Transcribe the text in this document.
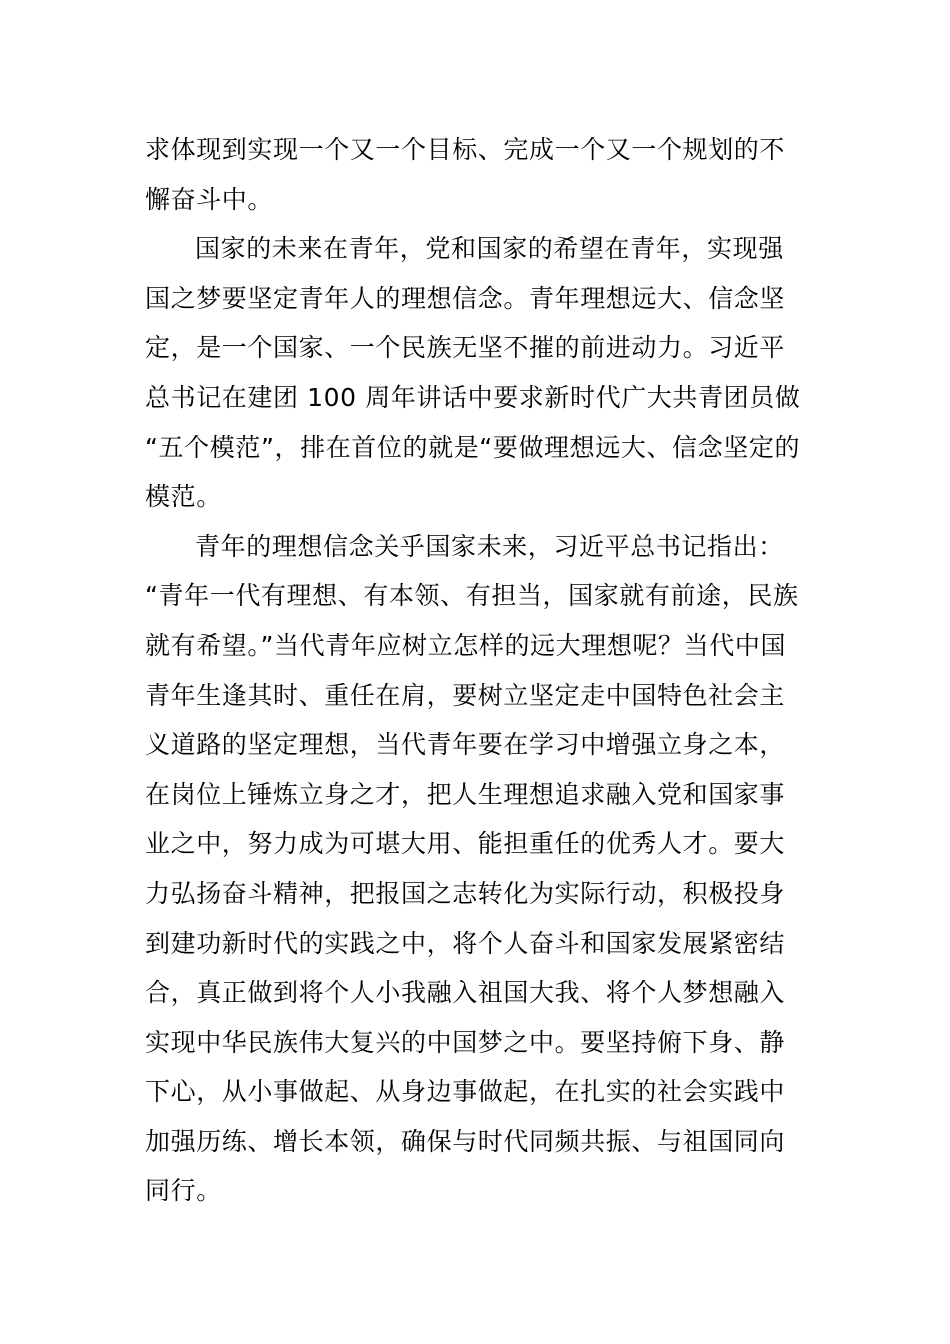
求体现到实现一个又一个目标、完成一个又一个规划的不
懈奋斗中。
国家的未来在青年，党和国家的希望在青年，实现强
国之梦要坚定青年人的理想信念。青年理想远大、信念坚
定，是一个国家、一个民族无坚不摧的前进动力。习近平
总书记在建团 100 周年讲话中要求新时代广大共青团员做
“五个模范”，排在首位的就是“要做理想远大、信念坚定的
模范。
青年的理想信念关乎国家未来，习近平总书记指出：
“青年一代有理想、有本领、有担当，国家就有前途，民族
就有希望。”当代青年应树立怎样的远大理想呢？当代中国
青年生逢其时、重任在肩，要树立坚定走中国特色社会主
义道路的坚定理想，当代青年要在学习中增强立身之本，
在岗位上锤炼立身之才，把人生理想追求融入党和国家事
业之中，努力成为可堪大用、能担重任的优秀人才。要大
力弘扬奋斗精神，把报国之志转化为实际行动，积极投身
到建功新时代的实践之中，将个人奋斗和国家发展紧密结
合，真正做到将个人小我融入祖国大我、将个人梦想融入
实现中华民族伟大复兴的中国梦之中。要坚持俯下身、静
下心，从小事做起、从身边事做起，在扎实的社会实践中
加强历练、增长本领，确保与时代同频共振、与祖国同向
同行。
